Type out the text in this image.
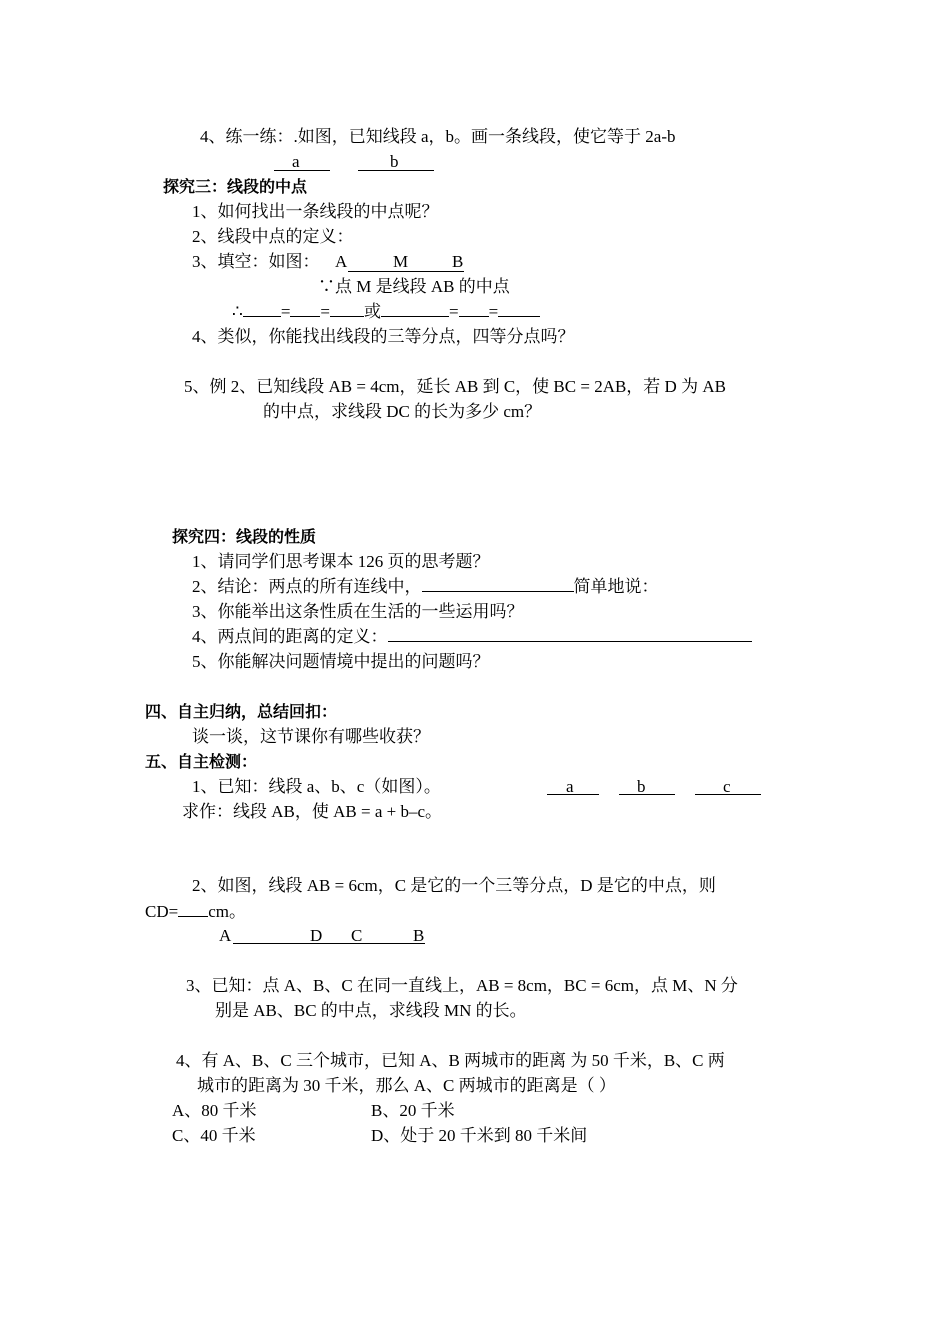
4、练一练：.如图，已知线段 a，b。画一条线段，使它等于 2a-b
a	b
探究三：线段的中点
1、如何找出一条线段的中点呢？
2、线段中点的定义：
3、填空：如图： A	M	B
∵点 M 是线段 AB 的中点
∴ = = 或	= =
4、类似，你能找出线段的三等分点，四等分点吗？
5、例 2、已知线段 AB = 4cm，延长 AB 到 C，使 BC = 2AB，若 D 为 AB
的中点，求线段 DC 的长为多少 cm？
探究四：线段的性质
1、请同学们思考课本 126 页的思考题？
2、结论：两点的所有连线中，	简单地说：
3、你能举出这条性质在生活的一些运用吗？
4、两点间的距离的定义：
5、你能解决问题情境中提出的问题吗？
四、自主归纳，总结回扣：
谈一谈，这节课你有哪些收获？
五、自主检测：
1、已知：线段 a、b、c（如图）。	a	b	c
求作：线段 AB，使 AB = a + b–c。
2、如图，线段 AB = 6cm，C 是它的一个三等分点，D 是它的中点，则
CD= cm。
A	D C	B
3、已知：点 A、B、C 在同一直线上，AB = 8cm，BC = 6cm，点 M、N 分
别是 AB、BC 的中点，求线段 MN 的长。
4、有 A、B、C 三个城市，已知 A、B 两城市的距离 为 50 千米，B、C 两
城市的距离为 30 千米，那么 A、C 两城市的距离是（ ）
A、80 千米	B、20 千米
C、40 千米	D、处于 20 千米到 80 千米间
